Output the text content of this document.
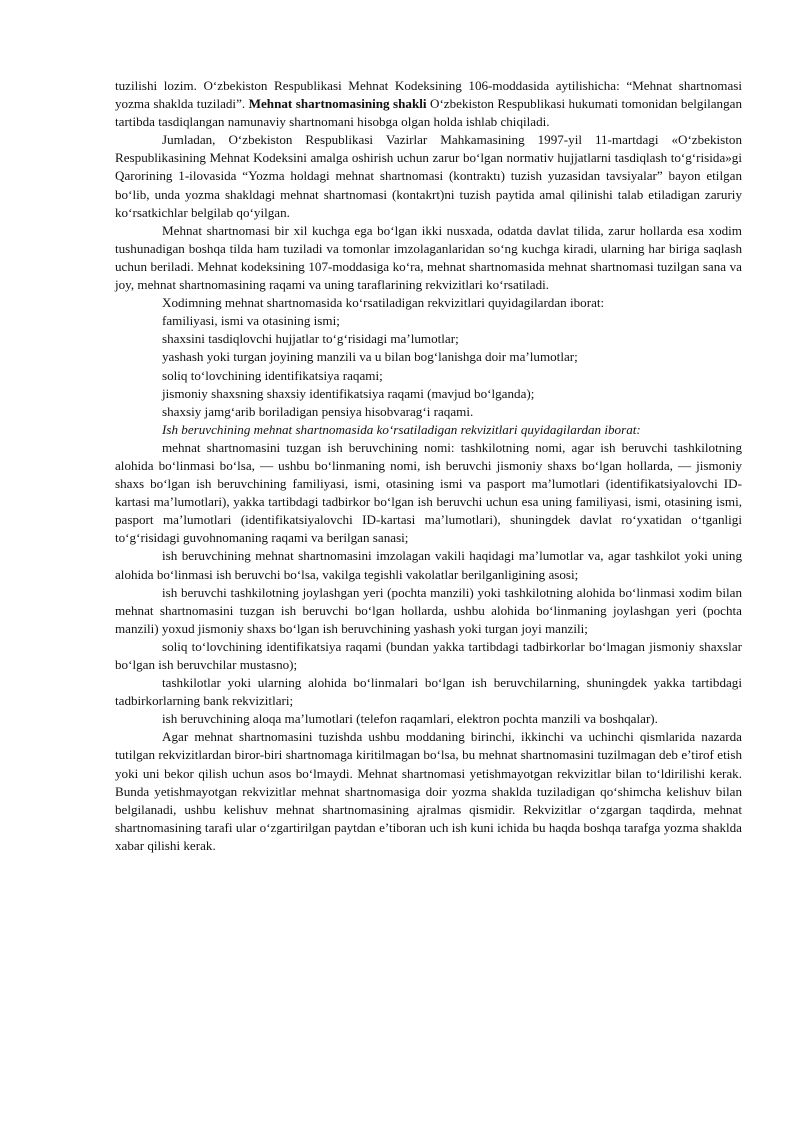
tuzilishi lozim. O‘zbekiston Respublikasi Mehnat Kodeksining 106-moddasida aytilishicha: “Mehnat shartnomasi yozma shaklda tuziladi”. Mehnat shartnomasining shakli O‘zbekiston Respublikasi hukumati tomonidan belgilangan tartibda tasdiqlangan namunaviy shartnomani hisobga olgan holda ishlab chiqiladi.

Jumladan, O‘zbekiston Respublikasi Vazirlar Mahkamasining 1997-yil 11-martdagi «O‘zbekiston Respublikasining Mehnat Kodeksini amalga oshirish uchun zarur bo‘lgan normativ hujjatlarni tasdiqlash to‘g‘risida»gi Qarorining 1-ilovasida “Yozma holdagi mehnat shartnomasi (kontraktı) tuzish yuzasidan tavsiyalar” bayon etilgan bo‘lib, unda yozma shakldagi mehnat shartnomasi (kontakrt)ni tuzish paytida amal qilinishi talab etiladigan zaruriy ko‘rsatkichlar belgilab qo‘yilgan.

Mehnat shartnomasi bir xil kuchga ega bo‘lgan ikki nusxada, odatda davlat tilida, zarur hollarda esa xodim tushunadigan boshqa tilda ham tuziladi va tomonlar imzolaganlaridan so‘ng kuchga kiradi, ularning har biriga saqlash uchun beriladi. Mehnat kodeksining 107-moddasiga ko‘ra, mehnat shartnomasida mehnat shartnomasi tuzilgan sana va joy, mehnat shartnomasining raqami va uning taraflarining rekvizitlari ko‘rsatiladi.

Xodimning mehnat shartnomasida ko‘rsatiladigan rekvizitlari quyidagilardan iborat:

familiyasi, ismi va otasining ismi;

shaxsini tasdiqlovchi hujjatlar to‘g‘risidagi ma’lumotlar;

yashash yoki turgan joyining manzili va u bilan bog‘lanishga doir ma’lumotlar;

soliq to‘lovchining identifikatsiya raqami;

jismoniy shaxsning shaxsiy identifikatsiya raqami (mavjud bo‘lganda);

shaxsiy jamg‘arib boriladigan pensiya hisobvarag‘i raqami.

Ish beruvchining mehnat shartnomasida ko‘rsatiladigan rekvizitlari quyidagilardan iborat:

mehnat shartnomasini tuzgan ish beruvchining nomi: tashkilotning nomi, agar ish beruvchi tashkilotning alohida bo‘linmasi bo‘lsa, — ushbu bo‘linmaning nomi, ish beruvchi jismoniy shaxs bo‘lgan hollarda, — jismoniy shaxs bo‘lgan ish beruvchining familiyasi, ismi, otasining ismi va pasport ma’lumotlari (identifikatsiyalovchi ID-kartasi ma’lumotlari), yakka tartibdagi tadbirkor bo‘lgan ish beruvchi uchun esa uning familiyasi, ismi, otasining ismi, pasport ma’lumotlari (identifikatsiyalovchi ID-kartasi ma’lumotlari), shuningdek davlat ro‘yxatidan o‘tganligi to‘g‘risidagi guvohnomaning raqami va berilgan sanasi;

ish beruvchining mehnat shartnomasini imzolagan vakili haqidagi ma’lumotlar va, agar tashkilot yoki uning alohida bo‘linmasi ish beruvchi bo‘lsa, vakilga tegishli vakolatlar berilganligining asosi;

ish beruvchi tashkilotning joylashgan yeri (pochta manzili) yoki tashkilotning alohida bo‘linmasi xodim bilan mehnat shartnomasini tuzgan ish beruvchi bo‘lgan hollarda, ushbu alohida bo‘linmaning joylashgan yeri (pochta manzili) yoxud jismoniy shaxs bo‘lgan ish beruvchining yashash yoki turgan joyi manzili;

soliq to‘lovchining identifikatsiya raqami (bundan yakka tartibdagi tadbirkorlar bo‘lmagan jismoniy shaxslar bo‘lgan ish beruvchilar mustasno);

tashkilotlar yoki ularning alohida bo‘linmalari bo‘lgan ish beruvchilarning, shuningdek yakka tartibdagi tadbirkorlarning bank rekvizitlari;

ish beruvchining aloqa ma’lumotlari (telefon raqamlari, elektron pochta manzili va boshqalar).

Agar mehnat shartnomasini tuzishda ushbu moddaning birinchi, ikkinchi va uchinchi qismlarida nazarda tutilgan rekvizitlardan biror-biri shartnomaga kiritilmagan bo‘lsa, bu mehnat shartnomasini tuzilmagan deb e’tirof etish yoki uni bekor qilish uchun asos bo‘lmaydi. Mehnat shartnomasi yetishmayotgan rekvizitlar bilan to‘ldirilishi kerak. Bunda yetishmayotgan rekvizitlar mehnat shartnomasiga doir yozma shaklda tuziladigan qo‘shimcha kelishuv bilan belgilanadi, ushbu kelishuv mehnat shartnomasining ajralmas qismidir. Rekvizitlar o‘zgargan taqdirda, mehnat shartnomasining tarafi ular o‘zgartirilgan paytdan e’tiboran uch ish kuni ichida bu haqda boshqa tarafga yozma shaklda xabar qilishi kerak.
